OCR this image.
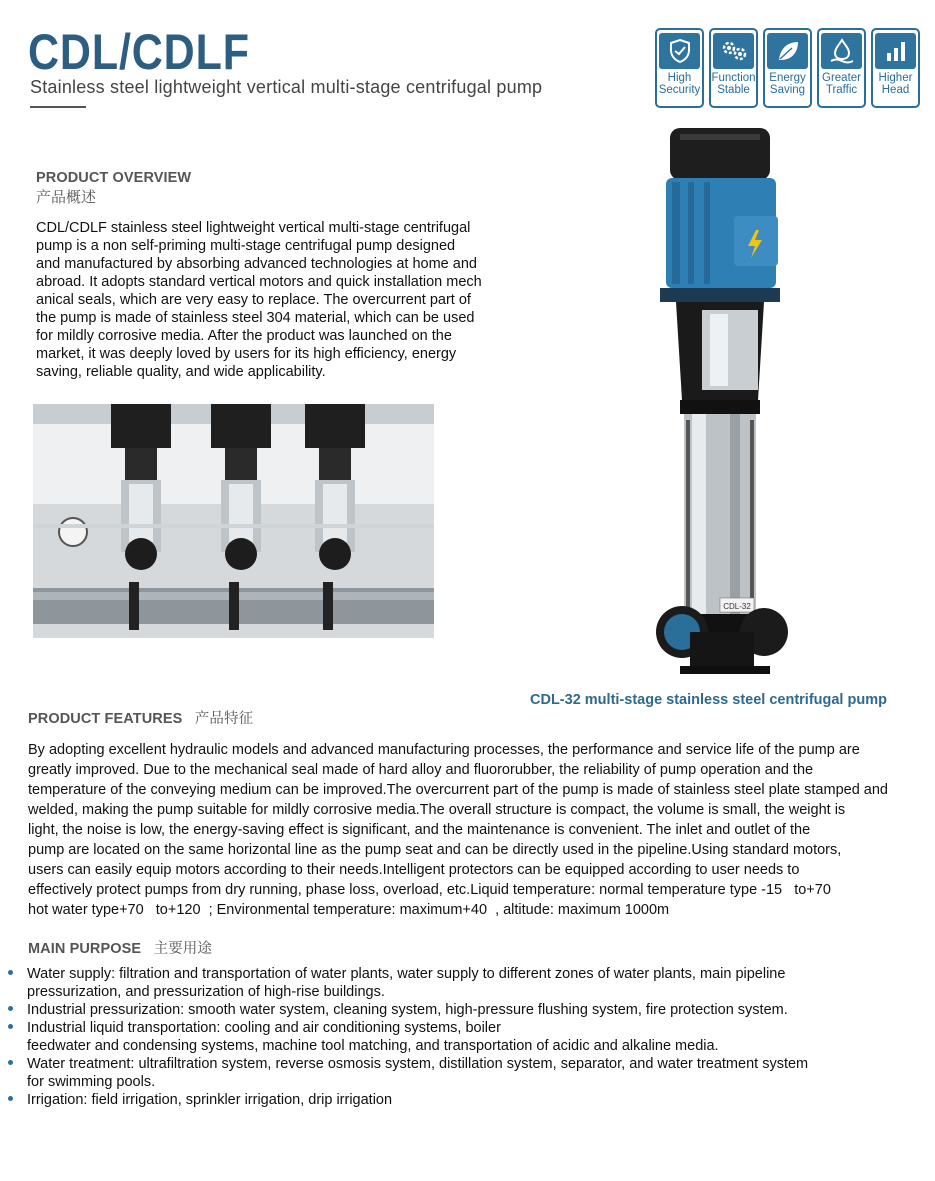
CDL/CDLF
Stainless steel lightweight vertical multi-stage centrifugal pump	High
Security
Function
Stable
Energy
Saving
Greater
Traffic
Higher
Head
PRODUCT OVERVIEW
产品概述
CDL/CDLF stainless steel lightweight vertical multi-stage centrifugal
pump is a non self-priming multi-stage centrifugal pump designed
and manufactured by absorbing advanced technologies at home and
abroad. It adopts standard vertical motors and quick installation mech
anical seals, which are very easy to replace. The overcurrent part of
the pump is made of stainless steel 304 material, which can be used
for mildly corrosive media. After the product was launched on the
market, it was deeply loved by users for its high efficiency, energy
saving, reliable quality, and wide applicability.
CDL-32
CDL-32 multi-stage stainless steel centrifugal pump
PRODUCT FEATURES 产品特征
By adopting excellent hydraulic models and advanced manufacturing processes, the performance and service life of the pump are
greatly improved. Due to the mechanical seal made of hard alloy and fluororubber, the reliability of pump operation and the
temperature of the conveying medium can be improved.The overcurrent part of the pump is made of stainless steel plate stamped and
welded, making the pump suitable for mildly corrosive media.The overall structure is compact, the volume is small, the weight is
light, the noise is low, the energy-saving effect is significant, and the maintenance is convenient. The inlet and outlet of the
pump are located on the same horizontal line as the pump seat and can be directly used in the pipeline.Using standard motors,
users can easily equip motors according to their needs.Intelligent protectors can be equipped according to user needs to
effectively protect pumps from dry running, phase loss, overload, etc.Liquid temperature: normal temperature type -15   to+70
hot water type+70   to+120  ; Environmental temperature: maximum+40  , altitude: maximum 1000m
MAIN PURPOSE 主要用途
Water supply: filtration and transportation of water plants, water supply to different zones of water plants, main pipeline
pressurization, and pressurization of high-rise buildings.
Industrial pressurization: smooth water system, cleaning system, high-pressure flushing system, fire protection system.
Industrial liquid transportation: cooling and air conditioning systems, boiler
feedwater and condensing systems, machine tool matching, and transportation of acidic and alkaline media.
Water treatment: ultrafiltration system, reverse osmosis system, distillation system, separator, and water treatment system
for swimming pools.
Irrigation: field irrigation, sprinkler irrigation, drip irrigation
